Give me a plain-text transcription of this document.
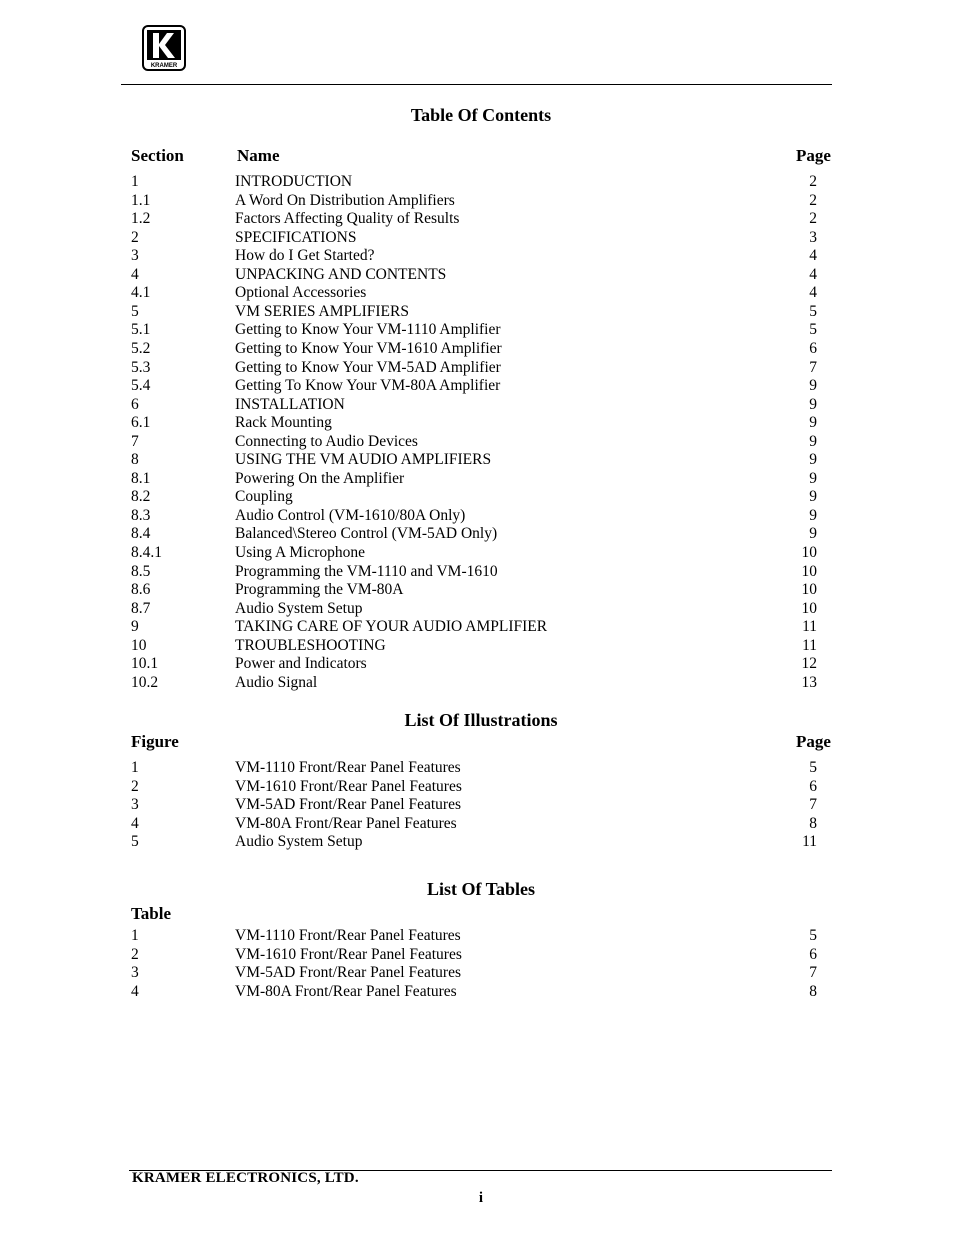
KRAMER
Table Of Contents
Section	Name	Page
1	INTRODUCTION	2
1.1	A Word On Distribution Amplifiers	2
1.2	Factors Affecting Quality of Results	2
2	SPECIFICATIONS	3
3	How do I Get Started?	4
4	UNPACKING AND CONTENTS	4
4.1	Optional Accessories	4
5	VM SERIES AMPLIFIERS	5
5.1	Getting to Know Your VM-1110 Amplifier	5
5.2	Getting to Know Your VM-1610 Amplifier	6
5.3	Getting to Know Your VM-5AD Amplifier	7
5.4	Getting To Know Your VM-80A Amplifier	9
6	INSTALLATION	9
6.1	Rack Mounting	9
7	Connecting to Audio Devices	9
8	USING THE VM AUDIO AMPLIFIERS	9
8.1	Powering On the Amplifier	9
8.2	Coupling	9
8.3	Audio Control (VM-1610/80A Only)	9
8.4	Balanced\Stereo Control (VM-5AD Only)	9
8.4.1	Using A Microphone	10
8.5	Programming the VM-1110 and VM-1610	10
8.6	Programming the VM-80A	10
8.7	Audio System Setup	10
9	TAKING CARE OF YOUR AUDIO AMPLIFIER	11
10	TROUBLESHOOTING	11
10.1	Power and Indicators	12
10.2	Audio Signal	13
List Of Illustrations
Figure	Page
1	VM-1110 Front/Rear Panel Features	5
2	VM-1610 Front/Rear Panel Features	6
3	VM-5AD Front/Rear Panel Features	7
4	VM-80A Front/Rear Panel Features	8
5	Audio System Setup	11
List Of Tables
Table
1	VM-1110 Front/Rear Panel Features	5
2	VM-1610 Front/Rear Panel Features	6
3	VM-5AD Front/Rear Panel Features	7
4	VM-80A Front/Rear Panel Features	8
KRAMER ELECTRONICS, LTD.
i
